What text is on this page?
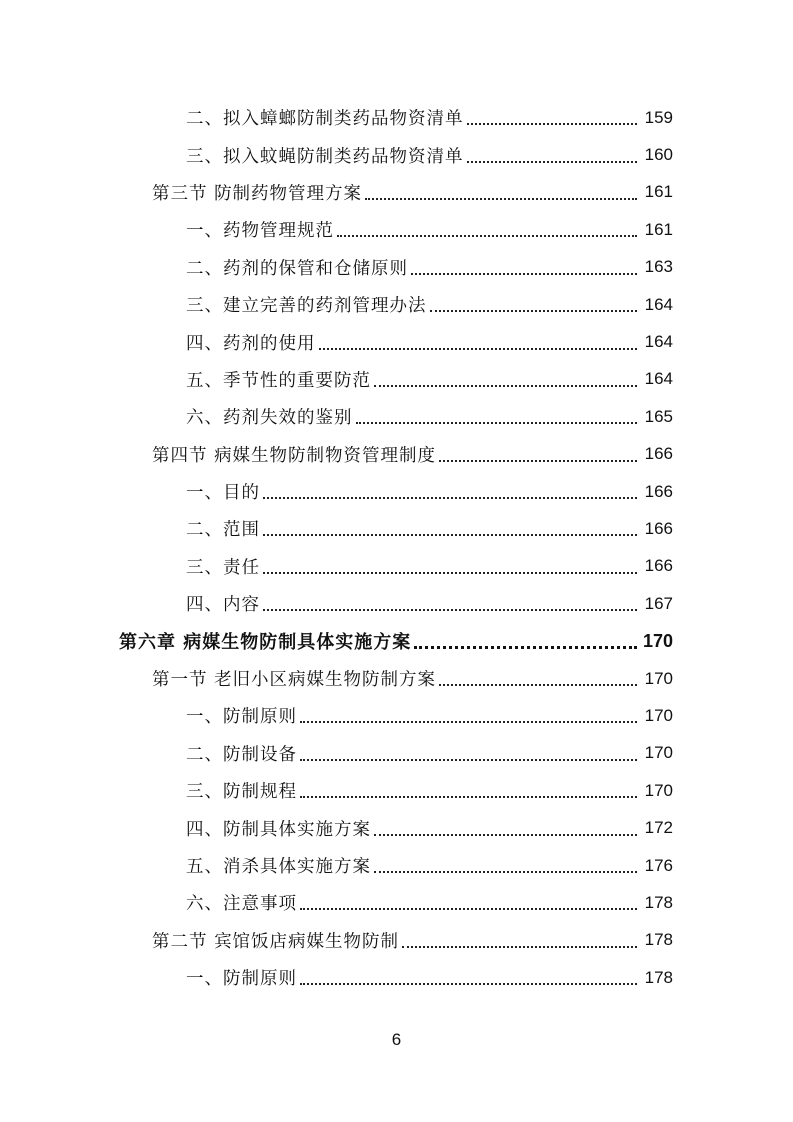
二、拟入蟑螂防制类药品物资清单	159
三、拟入蚊蝇防制类药品物资清单	160
第三节 防制药物管理方案	161
一、药物管理规范	161
二、药剂的保管和仓储原则	163
三、建立完善的药剂管理办法	164
四、药剂的使用	164
五、季节性的重要防范	164
六、药剂失效的鉴别	165
第四节 病媒生物防制物资管理制度	166
一、目的	166
二、范围	166
三、责任	166
四、内容	167
第六章 病媒生物防制具体实施方案	170
第一节 老旧小区病媒生物防制方案	170
一、防制原则	170
二、防制设备	170
三、防制规程	170
四、防制具体实施方案	172
五、消杀具体实施方案	176
六、注意事项	178
第二节 宾馆饭店病媒生物防制	178
一、防制原则	178
6
